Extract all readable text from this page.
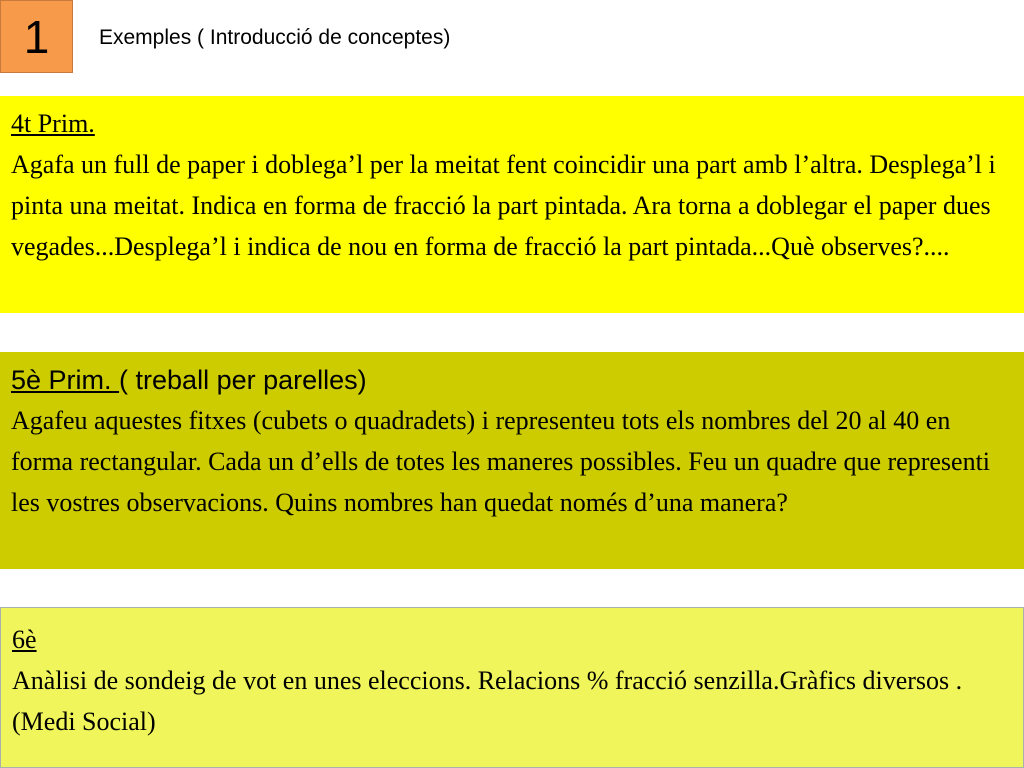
1 Exemples ( Introducció de conceptes)
4t Prim.
Agafa un full de paper i doblega’l per la meitat fent coincidir una part amb l’altra. Desplega’l i pinta una meitat. Indica en forma de fracció la part pintada. Ara torna a doblegar el paper dues vegades...Desplega’l i indica de nou en forma de fracció la part pintada...Què observes?....
5è Prim. ( treball per parelles)
Agafeu aquestes fitxes (cubets o quadradets) i representeu tots els nombres del 20 al 40 en forma rectangular. Cada un d’ells de totes les maneres possibles. Feu un quadre que representi les vostres observacions. Quins nombres han quedat només d’una manera?
6è
Anàlisi de sondeig de vot en unes eleccions. Relacions % fracció senzilla.Gràfics diversos . (Medi Social)
